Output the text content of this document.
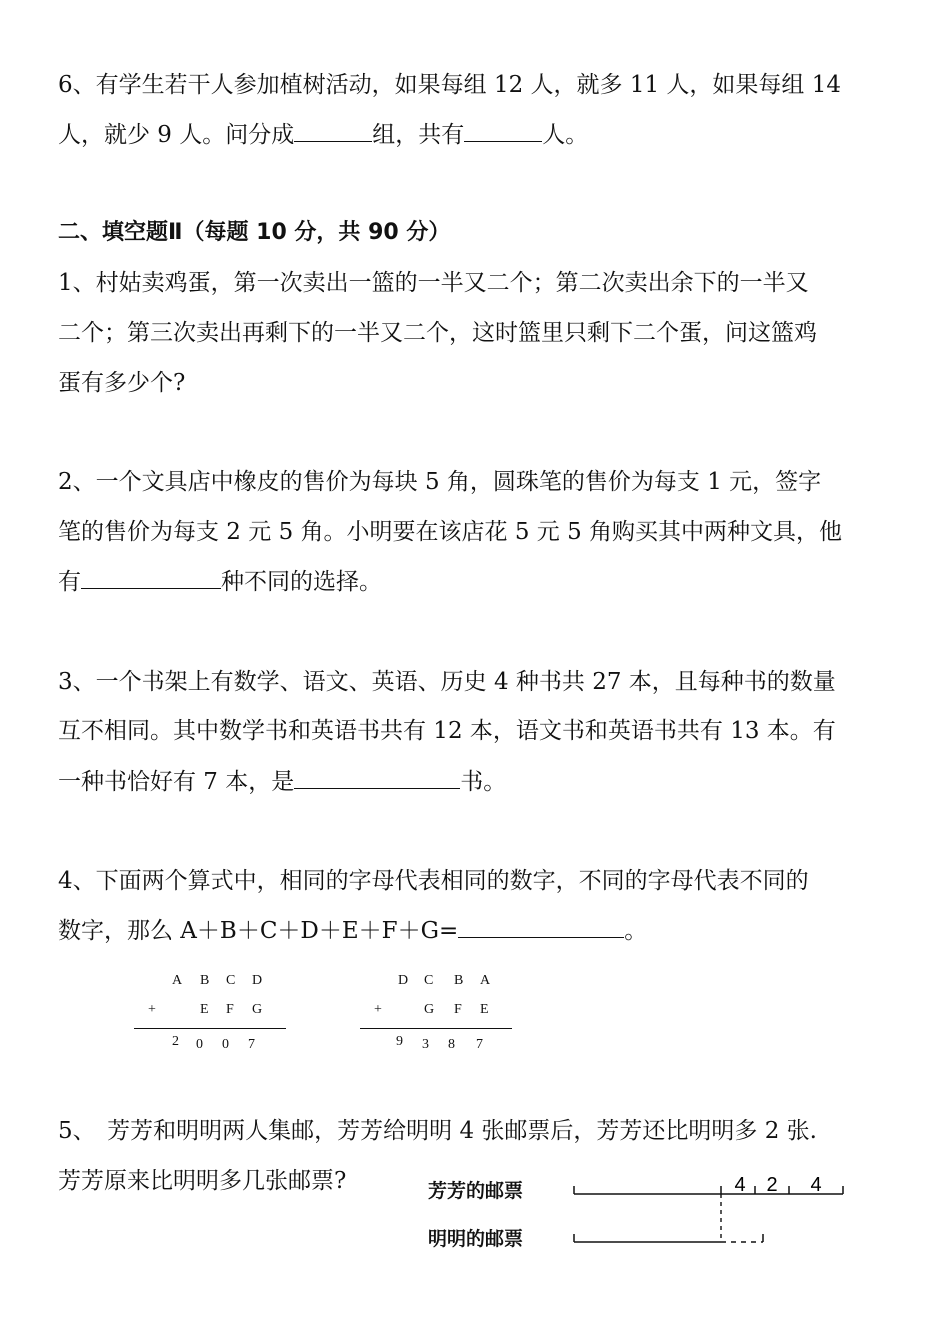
6、有学生若干人参加植树活动，如果每组 12 人，就多 11 人，如果每组 14
人，就少 9 人。问分成	组，共有	人。
二、填空题Ⅱ（每题 10 分，共 90 分）
1、村姑卖鸡蛋，第一次卖出一篮的一半又二个；第二次卖出余下的一半又
二个；第三次卖出再剩下的一半又二个，这时篮里只剩下二个蛋，问这篮鸡
蛋有多少个?
2、一个文具店中橡皮的售价为每块 5 角，圆珠笔的售价为每支 1 元，签字
笔的售价为每支 2 元 5 角。小明要在该店花 5 元 5 角购买其中两种文具，他
有	种不同的选择。
3、一个书架上有数学、语文、英语、历史 4 种书共 27 本，且每种书的数量
互不相同。其中数学书和英语书共有 12 本，语文书和英语书共有 13 本。有
一种书恰好有 7 本，是	书。
4、下面两个算式中，相同的字母代表相同的数字，不同的字母代表不同的
数字，那么 A＋B＋C＋D＋E＋F＋G=	。
A B C D
+	E F G
2 0 0 7
D C B A
+	G F E
9 3 8 7
5、　芳芳和明明两人集邮，芳芳给明明 4 张邮票后，芳芳还比明明多 2 张.
芳芳原来比明明多几张邮票?	芳芳的邮票
明明的邮票
4 2 4
